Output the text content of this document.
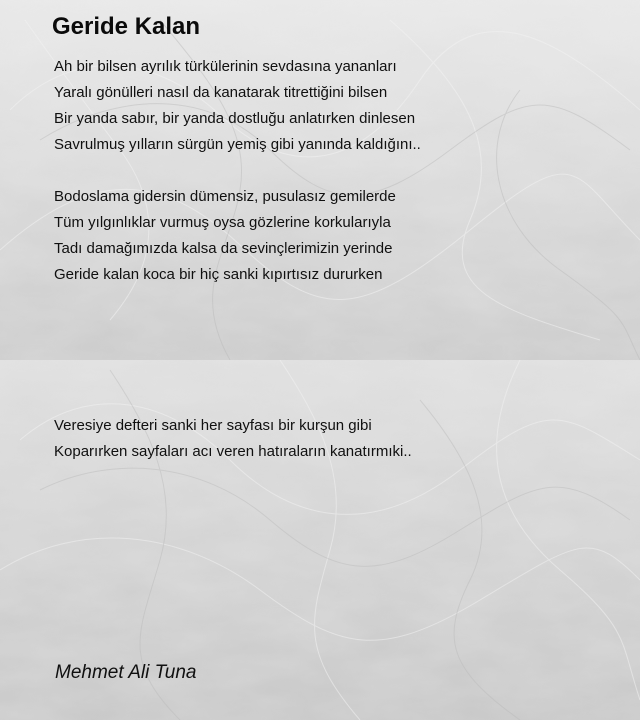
Geride Kalan
Ah bir bilsen ayrılık türkülerinin sevdasına yananları
Yaralı gönülleri nasıl da kanatarak titrettiğini bilsen
Bir yanda sabır, bir yanda dostluğu anlatırken dinlesen
Savrulmuş yılların sürgün yemiş gibi yanında kaldığını..
Bodoslama gidersin dümensiz, pusulasız gemilerde
Tüm yılgınlıklar vurmuş oysa gözlerine korkularıyla
Tadı damağımızda kalsa da sevinçlerimizin yerinde
Geride kalan koca bir hiç sanki kıpırtısız dururken
Veresiye defteri sanki her sayfası bir kurşun gibi
Koparırken sayfaları acı veren hatıraların kanatırmıki..
Mehmet Ali Tuna
